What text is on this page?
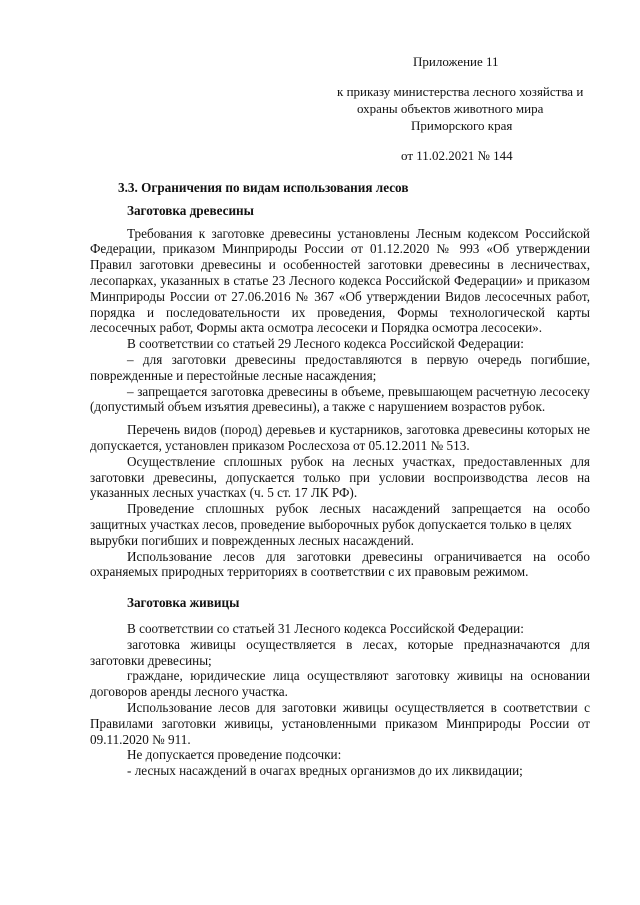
Приложение 11
к приказу министерства лесного хозяйства и
охраны объектов животного мира
Приморского края
от 11.02.2021 № 144
3.3. Ограничения по видам использования лесов
Заготовка древесины

Требования к заготовке древесины установлены Лесным кодексом Российской Федерации, приказом Минприроды России от 01.12.2020 № 993 «Об утверждении Правил заготовки древесины и особенностей заготовки древесины в лесничествах, лесопарках, указанных в статье 23 Лесного кодекса Российской Федерации» и приказом Минприроды России от 27.06.2016 № 367 «Об утверждении Видов лесосечных работ, порядка и последовательности их проведения, Формы технологической карты лесосечных работ, Формы акта осмотра лесосеки и Порядка осмотра лесосеки».

В соответствии со статьей 29 Лесного кодекса Российской Федерации:

– для заготовки древесины предоставляются в первую очередь погибшие, поврежденные и перестойные лесные насаждения;

– запрещается заготовка древесины в объеме, превышающем расчетную лесосеку (допустимый объем изъятия древесины), а также с нарушением возрастов рубок.

Перечень видов (пород) деревьев и кустарников, заготовка древесины которых не допускается, установлен приказом Рослесхоза от 05.12.2011 № 513.

Осуществление сплошных рубок на лесных участках, предоставленных для заготовки древесины, допускается только при условии воспроизводства лесов на указанных лесных участках (ч. 5 ст. 17 ЛК РФ).

Проведение сплошных рубок лесных насаждений запрещается на особо защитных участках лесов, проведение выборочных рубок допускается только в целях

вырубки погибших и поврежденных лесных насаждений.

Использование лесов для заготовки древесины ограничивается на особо охраняемых природных территориях в соответствии с их правовым режимом.

Заготовка живицы

В соответствии со статьей 31 Лесного кодекса Российской Федерации:

заготовка живицы осуществляется в лесах, которые предназначаются для заготовки древесины;

граждане, юридические лица осуществляют заготовку живицы на основании договоров аренды лесного участка.

Использование лесов для заготовки живицы осуществляется в соответствии с Правилами заготовки живицы, установленными приказом Минприроды России от 09.11.2020 № 911.

Не допускается проведение подсочки:

- лесных насаждений в очагах вредных организмов до их ликвидации;
